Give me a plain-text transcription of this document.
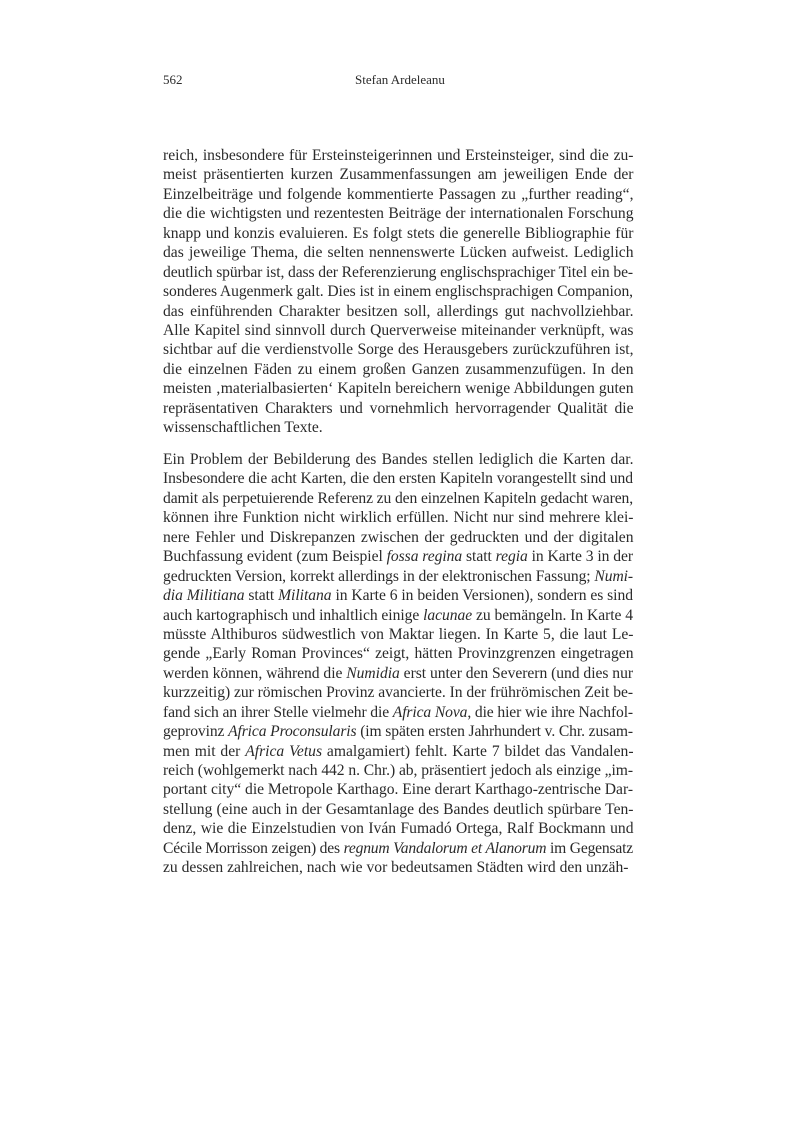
562	Stefan Ardeleanu
reich, insbesondere für Ersteinsteigerinnen und Ersteinsteiger, sind die zu-
meist präsentierten kurzen Zusammenfassungen am jeweiligen Ende der
Einzelbeiträge und folgende kommentierte Passagen zu „further reading“,
die die wichtigsten und rezentesten Beiträge der internationalen Forschung
knapp und konzis evaluieren. Es folgt stets die generelle Bibliographie für
das jeweilige Thema, die selten nennenswerte Lücken aufweist. Lediglich
deutlich spürbar ist, dass der Referenzierung englischsprachiger Titel ein be-
sonderes Augenmerk galt. Dies ist in einem englischsprachigen Companion,
das einführenden Charakter besitzen soll, allerdings gut nachvollziehbar.
Alle Kapitel sind sinnvoll durch Querverweise miteinander verknüpft, was
sichtbar auf die verdienstvolle Sorge des Herausgebers zurückzuführen ist,
die einzelnen Fäden zu einem großen Ganzen zusammenzufügen. In den
meisten ‚materialbasierten‘ Kapiteln bereichern wenige Abbildungen guten
repräsentativen Charakters und vornehmlich hervorragender Qualität die
wissenschaftlichen Texte.
Ein Problem der Bebilderung des Bandes stellen lediglich die Karten dar.
Insbesondere die acht Karten, die den ersten Kapiteln vorangestellt sind und
damit als perpetuierende Referenz zu den einzelnen Kapiteln gedacht waren,
können ihre Funktion nicht wirklich erfüllen. Nicht nur sind mehrere klei-
nere Fehler und Diskrepanzen zwischen der gedruckten und der digitalen
Buchfassung evident (zum Beispiel fossa regina statt regia in Karte 3 in der
gedruckten Version, korrekt allerdings in der elektronischen Fassung; Numi-
dia Militiana statt Militana in Karte 6 in beiden Versionen), sondern es sind
auch kartographisch und inhaltlich einige lacunae zu bemängeln. In Karte 4
müsste Althiburos südwestlich von Maktar liegen. In Karte 5, die laut Le-
gende „Early Roman Provinces“ zeigt, hätten Provinzgrenzen eingetragen
werden können, während die Numidia erst unter den Severern (und dies nur
kurzzeitig) zur römischen Provinz avancierte. In der frührömischen Zeit be-
fand sich an ihrer Stelle vielmehr die Africa Nova, die hier wie ihre Nachfol-
geprovinz Africa Proconsularis (im späten ersten Jahrhundert v. Chr. zusam-
men mit der Africa Vetus amalgamiert) fehlt. Karte 7 bildet das Vandalen-
reich (wohlgemerkt nach 442 n. Chr.) ab, präsentiert jedoch als einzige „im-
portant city“ die Metropole Karthago. Eine derart Karthago-zentrische Dar-
stellung (eine auch in der Gesamtanlage des Bandes deutlich spürbare Ten-
denz, wie die Einzelstudien von Iván Fumadó Ortega, Ralf Bockmann und
Cécile Morrisson zeigen) des regnum Vandalorum et Alanorum im Gegensatz
zu dessen zahlreichen, nach wie vor bedeutsamen Städten wird den unzäh-
